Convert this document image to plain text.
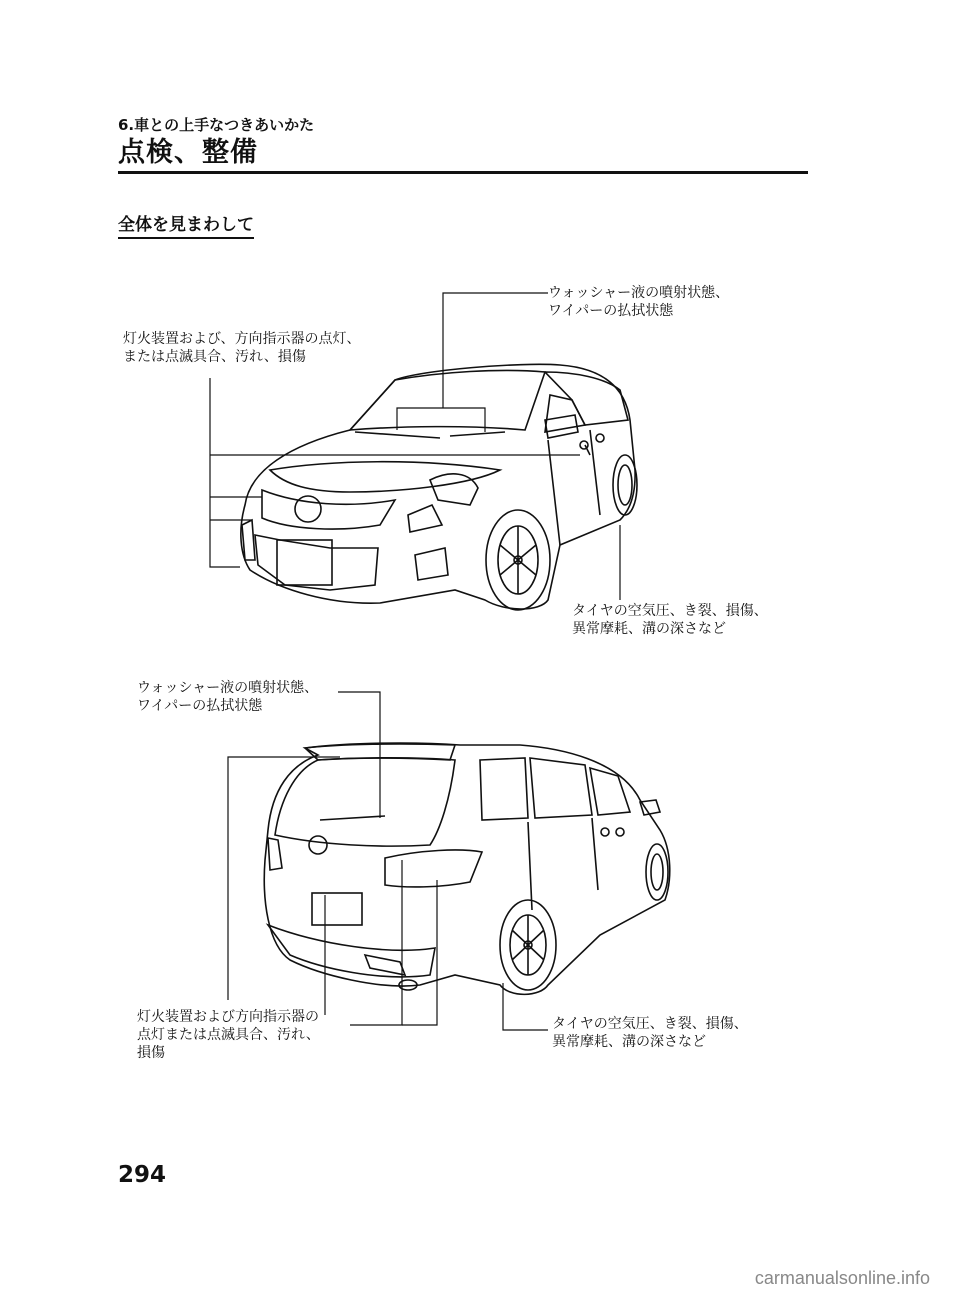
6.車との上手なつきあいかた
点検、整備
全体を見まわして
ウォッシャー液の噴射状態、
ワイパーの払拭状態
灯火装置および、方向指示器の点灯、
または点滅具合、汚れ、損傷
タイヤの空気圧、き裂、損傷、
異常摩耗、溝の深さなど
ウォッシャー液の噴射状態、
ワイパーの払拭状態
灯火装置および方向指示器の
点灯または点滅具合、汚れ、
損傷
タイヤの空気圧、き裂、損傷、
異常摩耗、溝の深さなど
294
carmanualsonline.info
